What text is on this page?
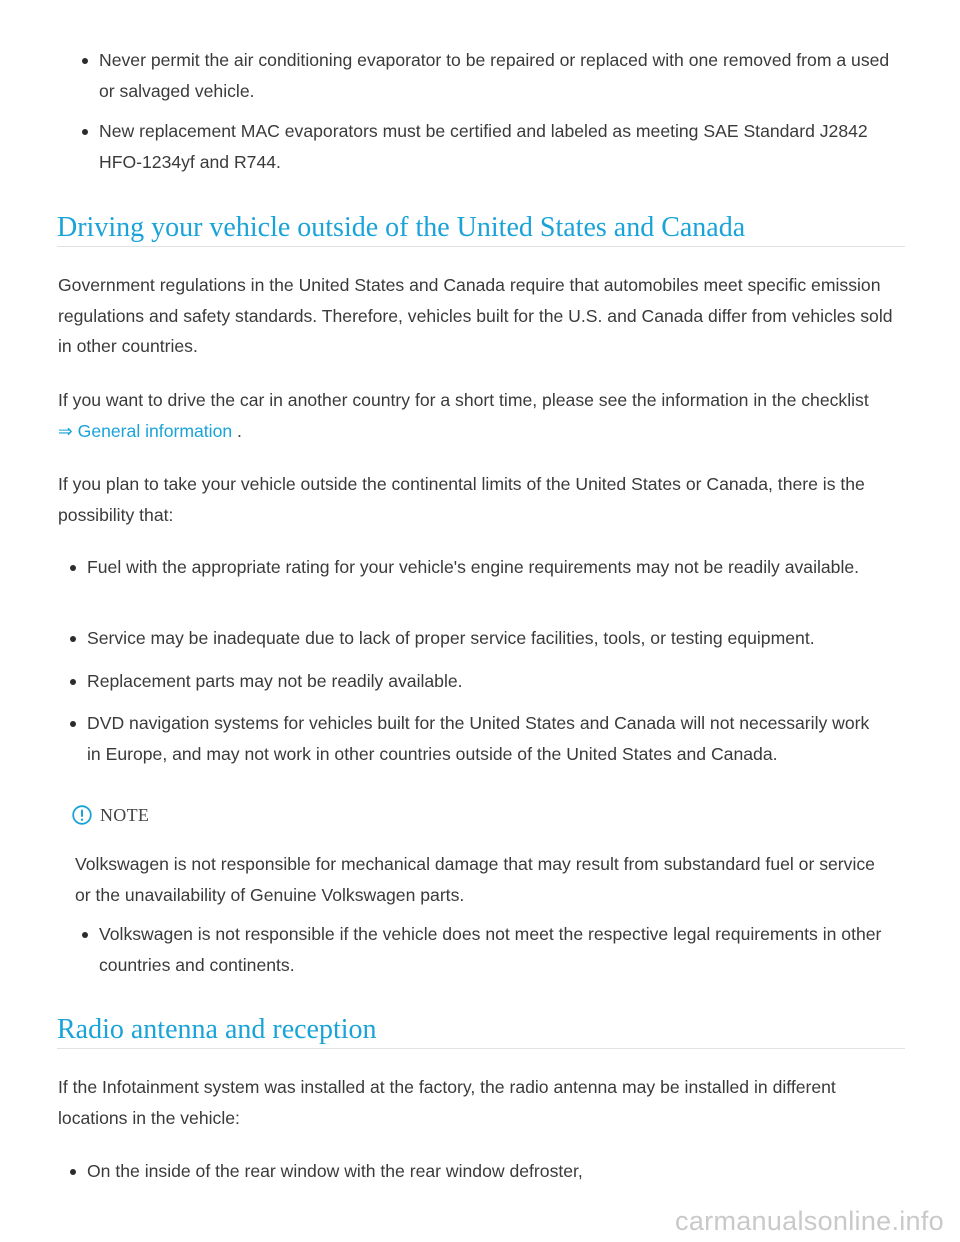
Never permit the air conditioning evaporator to be repaired or replaced with one removed from a used or salvaged vehicle.
New replacement MAC evaporators must be certified and labeled as meeting SAE Standard J2842 HFO-1234yf and R744.
Driving your vehicle outside of the United States and Canada

Government regulations in the United States and Canada require that automobiles meet specific emission regulations and safety standards. Therefore, vehicles built for the U.S. and Canada differ from vehicles sold in other countries.

If you want to drive the car in another country for a short time, please see the information in the checklist ⇒ General information .

If you plan to take your vehicle outside the continental limits of the United States or Canada, there is the possibility that:

Fuel with the appropriate rating for your vehicle's engine requirements may not be readily available.
Service may be inadequate due to lack of proper service facilities, tools, or testing equipment.
Replacement parts may not be readily available.
DVD navigation systems for vehicles built for the United States and Canada will not necessarily work in Europe, and may not work in other countries outside of the United States and Canada.
NOTE

Volkswagen is not responsible for mechanical damage that may result from substandard fuel or service or the unavailability of Genuine Volkswagen parts.

Volkswagen is not responsible if the vehicle does not meet the respective legal requirements in other countries and continents.
Radio antenna and reception

If the Infotainment system was installed at the factory, the radio antenna may be installed in different locations in the vehicle:

On the inside of the rear window with the rear window defroster,
carmanualsonline.info
